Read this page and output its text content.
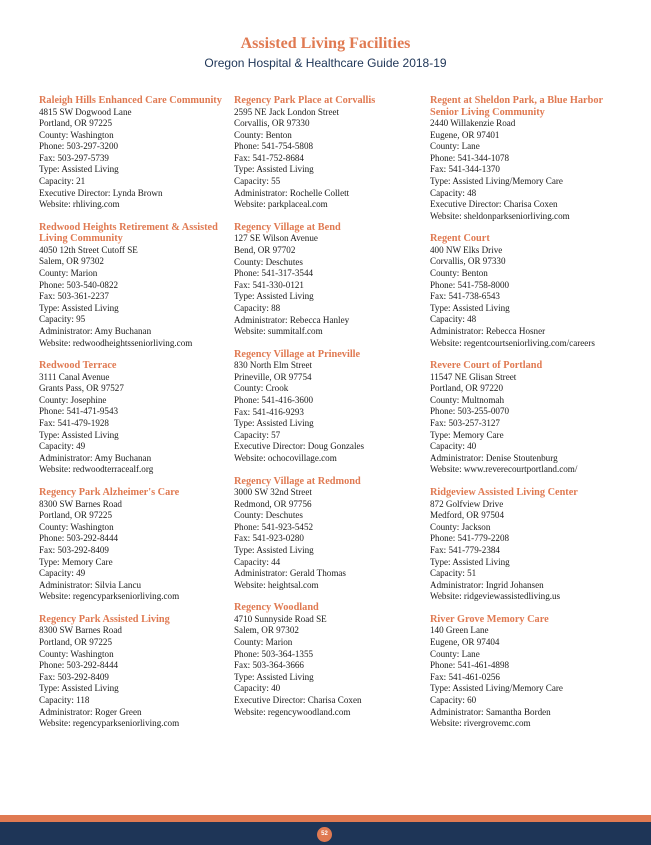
Assisted Living Facilities
Oregon Hospital & Healthcare Guide 2018-19
Raleigh Hills Enhanced Care Community
4815 SW Dogwood Lane
Portland, OR 97225
County: Washington
Phone: 503-297-3200
Fax: 503-297-5739
Type: Assisted Living
Capacity: 21
Executive Director: Lynda Brown
Website: rhliving.com
Redwood Heights Retirement & Assisted Living Community
4050 12th Street Cutoff SE
Salem, OR 97302
County: Marion
Phone: 503-540-0822
Fax: 503-361-2237
Type: Assisted Living
Capacity: 95
Administrator: Amy Buchanan
Website: redwoodheightsseniorliving.com
Redwood Terrace
3111 Canal Avenue
Grants Pass, OR 97527
County: Josephine
Phone: 541-471-9543
Fax: 541-479-1928
Type: Assisted Living
Capacity: 49
Administrator: Amy Buchanan
Website: redwoodterracealf.org
Regency Park Alzheimer's Care
8300 SW Barnes Road
Portland, OR 97225
County: Washington
Phone: 503-292-8444
Fax: 503-292-8409
Type: Memory Care
Capacity: 49
Administrator: Silvia Lancu
Website: regencyparkseniorliving.com
Regency Park Assisted Living
8300 SW Barnes Road
Portland, OR 97225
County: Washington
Phone: 503-292-8444
Fax: 503-292-8409
Type: Assisted Living
Capacity: 118
Administrator: Roger Green
Website: regencyparkseniorliving.com
Regency Park Place at Corvallis
2595 NE Jack London Street
Corvallis, OR 97330
County: Benton
Phone: 541-754-5808
Fax: 541-752-8684
Type: Assisted Living
Capacity: 55
Administrator: Rochelle Collett
Website: parkplaceal.com
Regency Village at Bend
127 SE Wilson Avenue
Bend, OR 97702
County: Deschutes
Phone: 541-317-3544
Fax: 541-330-0121
Type: Assisted Living
Capacity: 88
Administrator: Rebecca Hanley
Website: summitalf.com
Regency Village at Prineville
830 North Elm Street
Prineville, OR 97754
County: Crook
Phone: 541-416-3600
Fax: 541-416-9293
Type: Assisted Living
Capacity: 57
Executive Director: Doug Gonzales
Website: ochocovillage.com
Regency Village at Redmond
3000 SW 32nd Street
Redmond, OR 97756
County: Deschutes
Phone: 541-923-5452
Fax: 541-923-0280
Type: Assisted Living
Capacity: 44
Administrator: Gerald Thomas
Website: heightsal.com
Regency Woodland
4710 Sunnyside Road SE
Salem, OR 97302
County: Marion
Phone: 503-364-1355
Fax: 503-364-3666
Type: Assisted Living
Capacity: 40
Executive Director: Charisa Coxen
Website: regencywoodland.com
Regent at Sheldon Park, a Blue Harbor Senior Living Community
2440 Willakenzie Road
Eugene, OR 97401
County: Lane
Phone: 541-344-1078
Fax: 541-344-1370
Type: Assisted Living/Memory Care
Capacity: 48
Executive Director: Charisa Coxen
Website: sheldonparkseniorliving.com
Regent Court
400 NW Elks Drive
Corvallis, OR 97330
County: Benton
Phone: 541-758-8000
Fax: 541-738-6543
Type: Assisted Living
Capacity: 48
Administrator: Rebecca Hosner
Website: regentcourtseniorliving.com/careers
Revere Court of Portland
11547 NE Glisan Street
Portland, OR 97220
County: Multnomah
Phone: 503-255-0070
Fax: 503-257-3127
Type: Memory Care
Capacity: 40
Administrator: Denise Stoutenburg
Website: www.reverecourtportland.com/
Ridgeview Assisted Living Center
872 Golfview Drive
Medford, OR 97504
County: Jackson
Phone: 541-779-2208
Fax: 541-779-2384
Type: Assisted Living
Capacity: 51
Administrator: Ingrid Johansen
Website: ridgeviewassistedliving.us
River Grove Memory Care
140 Green Lane
Eugene, OR 97404
County: Lane
Phone: 541-461-4898
Fax: 541-461-0256
Type: Assisted Living/Memory Care
Capacity: 60
Administrator: Samantha Borden
Website: rivergrovemc.com
52
